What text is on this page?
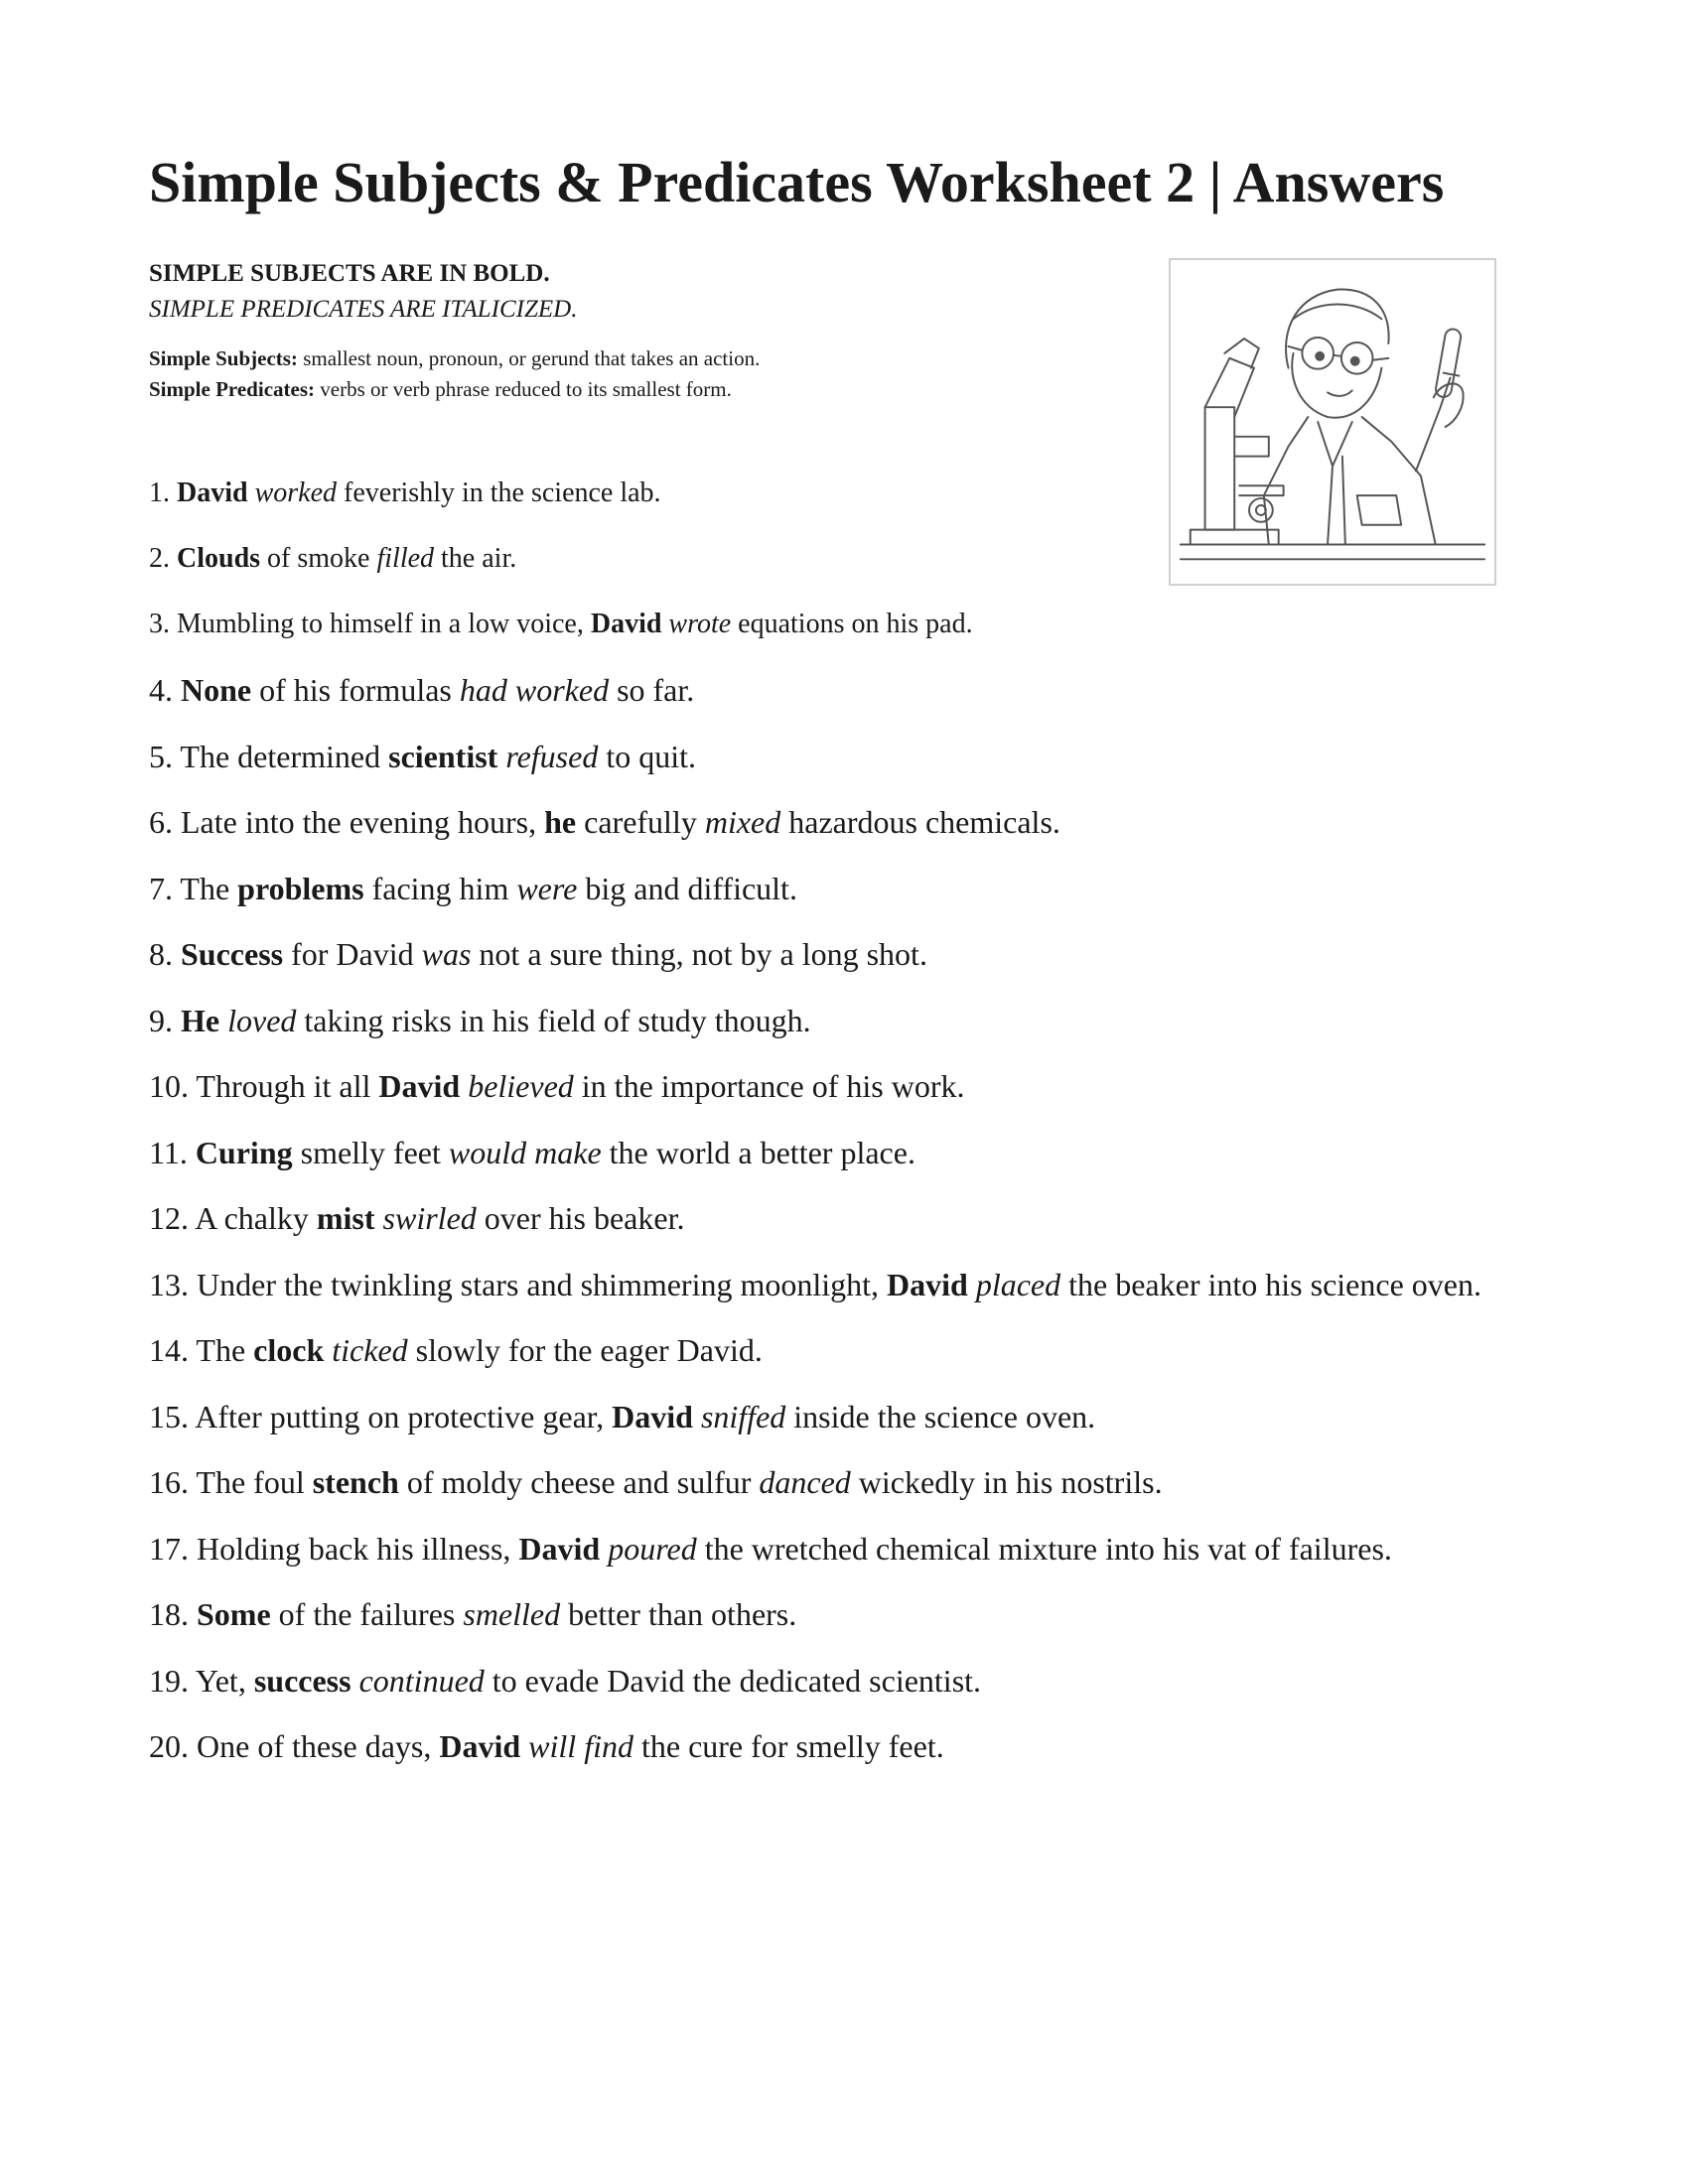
Simple Subjects & Predicates Worksheet 2 | Answers
SIMPLE SUBJECTS ARE IN BOLD.
SIMPLE PREDICATES ARE ITALICIZED.
Simple Subjects: smallest noun, pronoun, or gerund that takes an action.
Simple Predicates: verbs or verb phrase reduced to its smallest form.

1. David worked feverishly in the science lab.

2. Clouds of smoke filled the air.

3. Mumbling to himself in a low voice, David wrote equations on his pad.

4. None of his formulas had worked so far.

5. The determined scientist refused to quit.

6. Late into the evening hours, he carefully mixed hazardous chemicals.

7. The problems facing him were big and difficult.

8. Success for David was not a sure thing, not by a long shot.

9. He loved taking risks in his field of study though.

10. Through it all David believed in the importance of his work.

11. Curing smelly feet would make the world a better place.

12. A chalky mist swirled over his beaker.

13. Under the twinkling stars and shimmering moonlight, David placed the beaker into his science oven.

14. The clock ticked slowly for the eager David.

15. After putting on protective gear, David sniffed inside the science oven.

16. The foul stench of moldy cheese and sulfur danced wickedly in his nostrils.

17. Holding back his illness, David poured the wretched chemical mixture into his vat of failures.

18. Some of the failures smelled better than others.

19. Yet, success continued to evade David the dedicated scientist.

20. One of these days, David will find the cure for smelly feet.
